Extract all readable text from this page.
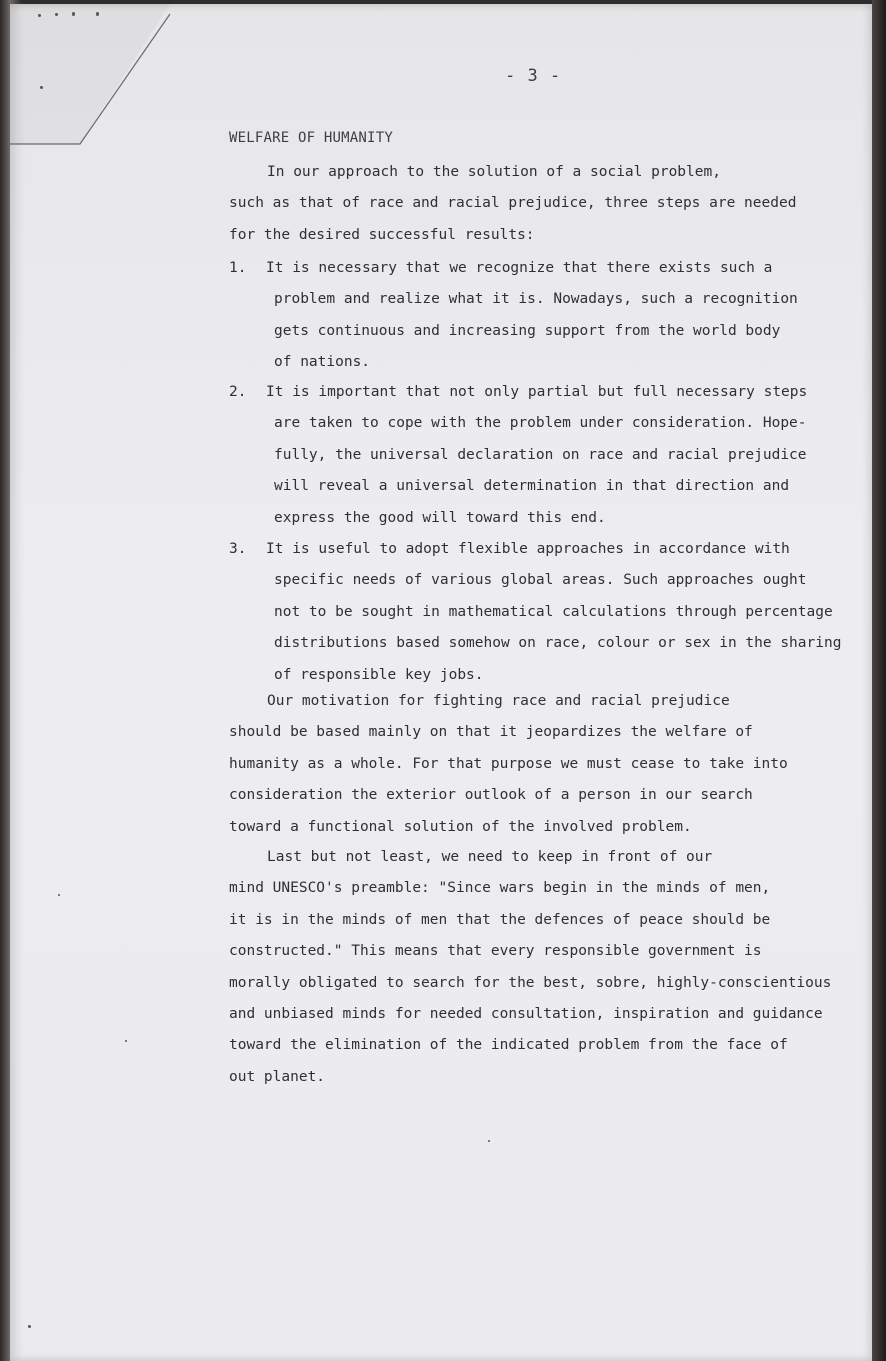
- 3 -
WELFARE OF HUMANITY
In our approach to the solution of a social problem,
such as that of race and racial prejudice, three steps are needed
for the desired successful results:
1. It is necessary that we recognize that there exists such a
problem and realize what it is. Nowadays, such a recognition
gets continuous and increasing support from the world body
of nations.
2. It is important that not only partial but full necessary steps
are taken to cope with the problem under consideration. Hope-
fully, the universal declaration on race and racial prejudice
will reveal a universal determination in that direction and
express the good will toward this end.
3. It is useful to adopt flexible approaches in accordance with
specific needs of various global areas. Such approaches ought
not to be sought in mathematical calculations through percentage
distributions based somehow on race, colour or sex in the sharing
of responsible key jobs.
Our motivation for fighting race and racial prejudice
should be based mainly on that it jeopardizes the welfare of
humanity as a whole. For that purpose we must cease to take into
consideration the exterior outlook of a person in our search
toward a functional solution of the involved problem.
Last but not least, we need to keep in front of our
mind UNESCO's preamble: "Since wars begin in the minds of men,
it is in the minds of men that the defences of peace should be
constructed." This means that every responsible government is
morally obligated to search for the best, sobre, highly-conscientious
and unbiased minds for needed consultation, inspiration and guidance
toward the elimination of the indicated problem from the face of
out planet.
